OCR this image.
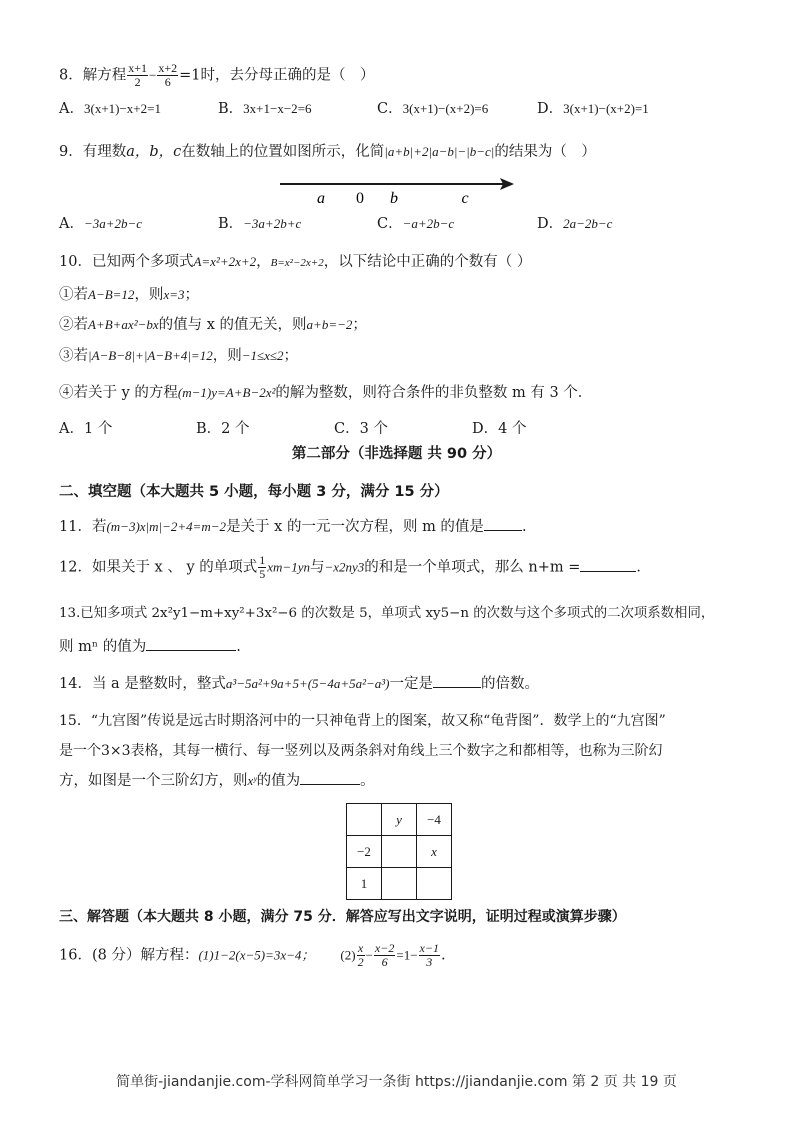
8．解方程 $\frac{x+1}{2} - \frac{x+2}{6} =1$时，去分母正确的是（　）
A．3(x+1)−x+2=1	B．3x+1−x−2=6	C．3(x+1)−(x+2)=6	D．3(x+1)−(x+2)=1
9．有理数a，b，c在数轴上的位置如图所示，化简|a+b|+2|a−b|−|b−c|的结果为（　）
a 0 b	c
A．−3a+2b−c	B．−3a+2b+c	C．−a+2b−c	D．2a−2b−c
10．已知两个多项式A=x²+2x+2，B=x²−2x+2，以下结论中正确的个数有（ ）
①若A−B=12，则x=3；
②若A+B+ax²−bx的值与 x 的值无关，则a+b=−2；
③若|A−B−8|+|A−B+4|=12，则−1≤x≤2；
④若关于 y 的方程(m−1)y=A+B−2x²的解为整数，则符合条件的非负整数 m 有 3 个．
A．1 个	B．2 个	C．3 个	D．4 个
第二部分（非选择题 共 90 分）
二、填空题（本大题共 5 小题，每小题 3 分，满分 15 分）
11．若(m−3)x|m|−2+4=m−2是关于 x 的一元一次方程，则 m 的值是	.
12．如果关于 x 、 y 的单项式 $\frac{1}{5} xm-1yn$与−x2ny3的和是一个单项式，那么 n+m =	．
13.已知多项式 2x²y1−m+xy²+3x²−6 的次数是 5，单项式 xy5−n 的次数与这个多项式的二次项系数相同，
则 mⁿ 的值为	.
14．当 a 是整数时，整式a³−5a²+9a+5+(5−4a+5a²−a³)一定是	的倍数。
15．“九宫图”传说是远古时期洛河中的一只神龟背上的图案，故又称“龟背图”．数学上的“九宫图”
是一个3×3表格，其每一横行、每一竖列以及两条斜对角线上三个数字之和都相等，也称为三阶幻
方，如图是一个三阶幻方，则xʸ的值为	。
	y	−4
−2		x
1		
三、解答题（本大题共 8 小题，满分 75 分．解答应写出文字说明，证明过程或演算步骤）
16．(8 分）解方程：(1)1−2(x−5)=3x−4； $(2) \frac{x}{2} - \frac{x-2}{6} =1- \frac{x-1}{3}$ .
简单街-jiandanjie.com-学科网简单学习一条街 https://jiandanjie.com 第 2 页 共 19 页
